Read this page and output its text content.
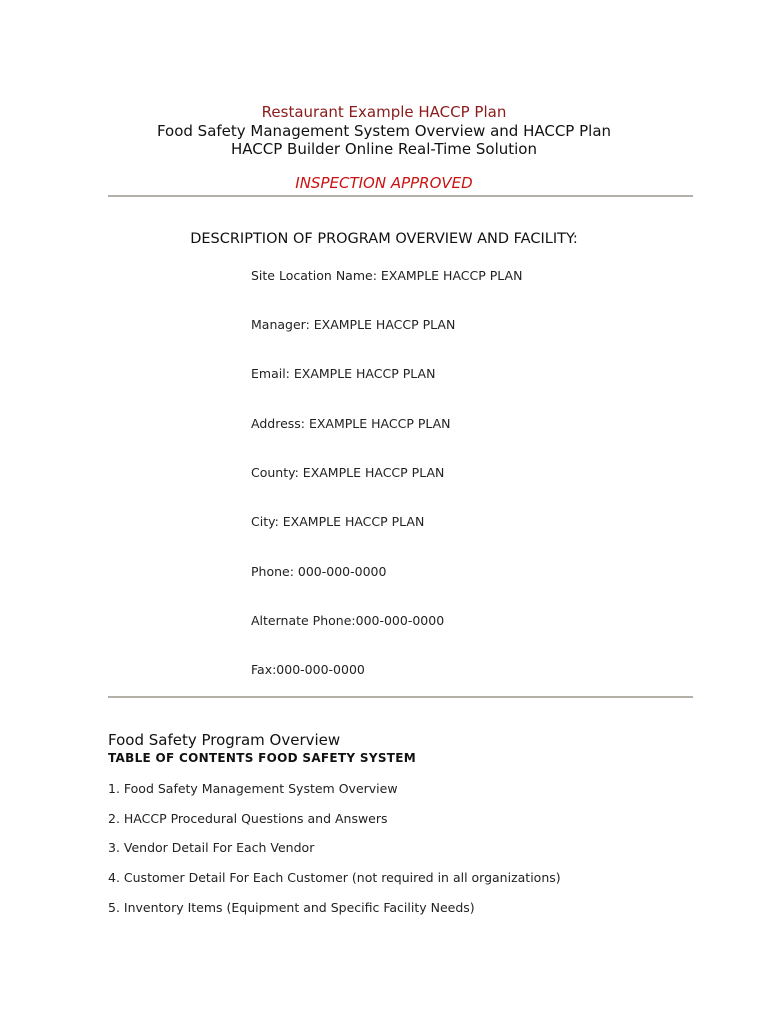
Restaurant Example HACCP Plan

Food Safety Management System Overview and HACCP Plan

HACCP Builder Online Real-Time Solution

INSPECTION APPROVED

DESCRIPTION OF PROGRAM OVERVIEW AND FACILITY:

Site Location Name: EXAMPLE HACCP PLAN

Manager: EXAMPLE HACCP PLAN

Email: EXAMPLE HACCP PLAN

Address: EXAMPLE HACCP PLAN

County: EXAMPLE HACCP PLAN

City: EXAMPLE HACCP PLAN

Phone: 000-000-0000

Alternate Phone:000-000-0000

Fax:000-000-0000

Food Safety Program Overview

TABLE OF CONTENTS FOOD SAFETY SYSTEM

1. Food Safety Management System Overview

2. HACCP Procedural Questions and Answers

3. Vendor Detail For Each Vendor

4. Customer Detail For Each Customer (not required in all organizations)

5. Inventory Items (Equipment and Specific Facility Needs)
